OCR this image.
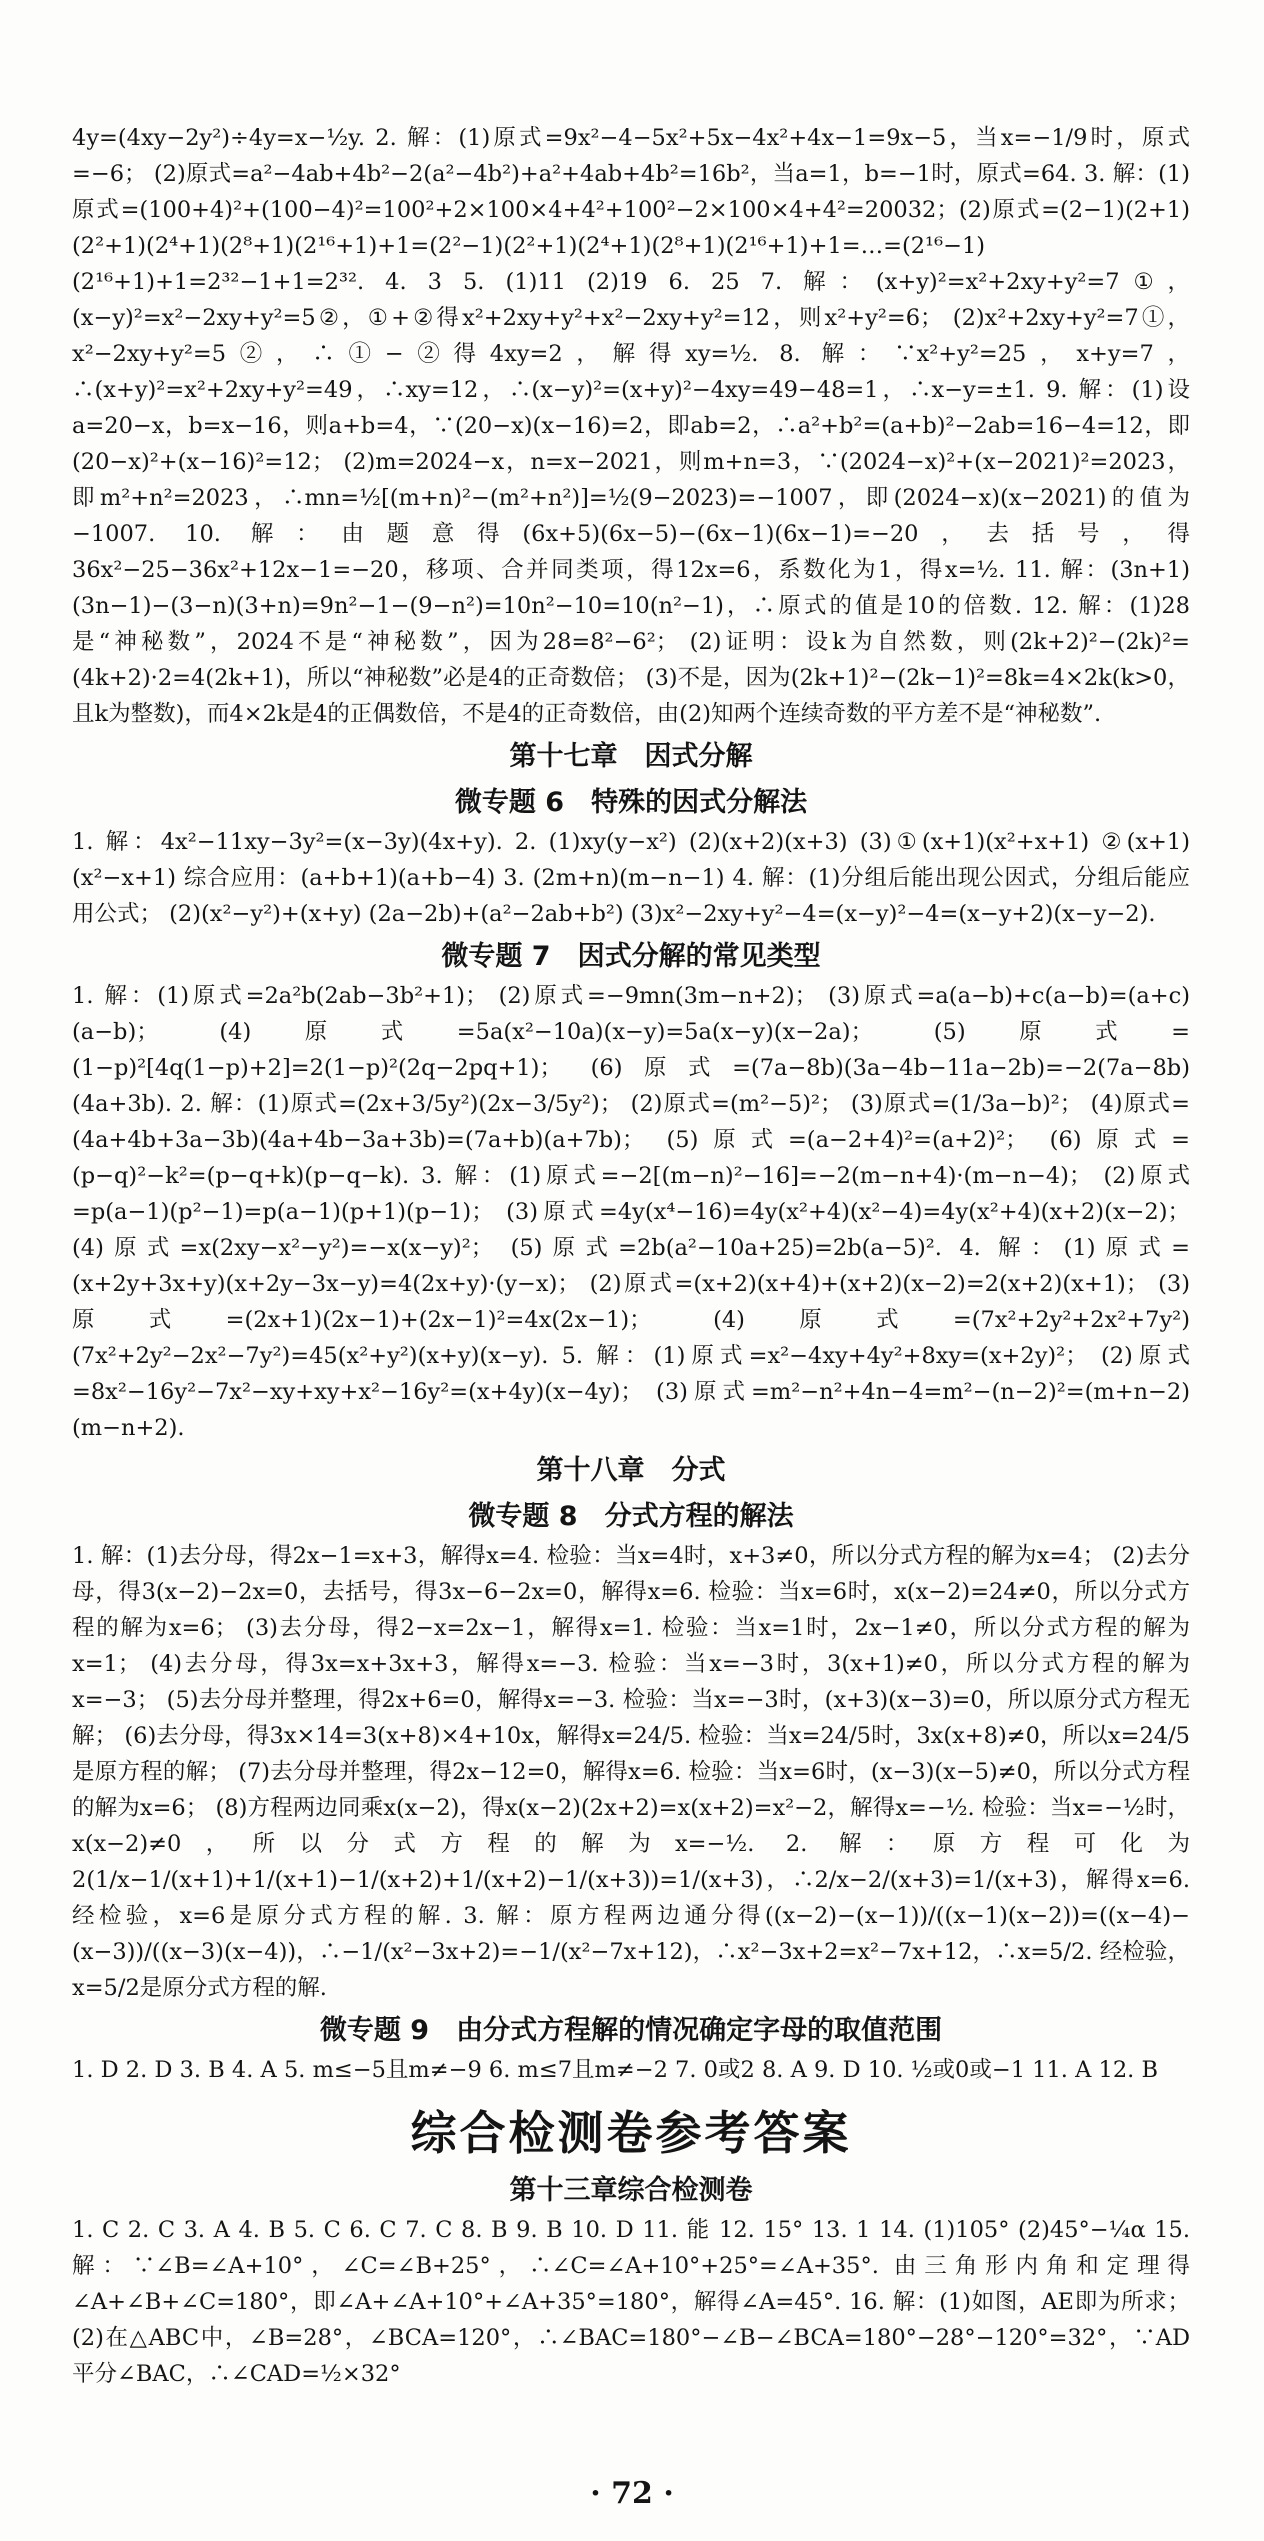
4y=(4xy−2y²)÷4y=x−½y. 2. 解：(1)原式=9x²−4−5x²+5x−4x²+4x−1=9x−5，当x=−1/9时，原式=−6； (2)原式=a²−4ab+4b²−2(a²−4b²)+a²+4ab+4b²=16b²，当a=1，b=−1时，原式=64. 3. 解：(1)原式=(100+4)²+(100−4)²=100²+2×100×4+4²+100²−2×100×4+4²=20032；(2)原式=(2−1)(2+1)(2²+1)(2⁴+1)(2⁸+1)(2¹⁶+1)+1=(2²−1)(2²+1)(2⁴+1)(2⁸+1)(2¹⁶+1)+1=…=(2¹⁶−1)(2¹⁶+1)+1=2³²−1+1=2³². 4. 3 5. (1)11 (2)19 6. 25 7. 解：(x+y)²=x²+2xy+y²=7①，(x−y)²=x²−2xy+y²=5②，①+②得x²+2xy+y²+x²−2xy+y²=12，则x²+y²=6； (2)x²+2xy+y²=7①，x²−2xy+y²=5②，∴①−②得4xy=2，解得xy=½. 8. 解：∵x²+y²=25，x+y=7，∴(x+y)²=x²+2xy+y²=49，∴xy=12，∴(x−y)²=(x+y)²−4xy=49−48=1，∴x−y=±1. 9. 解：(1)设a=20−x，b=x−16，则a+b=4，∵(20−x)(x−16)=2，即ab=2，∴a²+b²=(a+b)²−2ab=16−4=12，即(20−x)²+(x−16)²=12； (2)m=2024−x，n=x−2021，则m+n=3，∵(2024−x)²+(x−2021)²=2023，即m²+n²=2023，∴mn=½[(m+n)²−(m²+n²)]=½(9−2023)=−1007，即(2024−x)(x−2021)的值为−1007. 10. 解：由题意得(6x+5)(6x−5)−(6x−1)(6x−1)=−20，去括号，得36x²−25−36x²+12x−1=−20，移项、合并同类项，得12x=6，系数化为1，得x=½. 11. 解：(3n+1)(3n−1)−(3−n)(3+n)=9n²−1−(9−n²)=10n²−10=10(n²−1)，∴原式的值是10的倍数. 12. 解：(1)28是“神秘数”，2024不是“神秘数”，因为28=8²−6²； (2)证明：设k为自然数，则(2k+2)²−(2k)²=(4k+2)·2=4(2k+1)，所以“神秘数”必是4的正奇数倍； (3)不是，因为(2k+1)²−(2k−1)²=8k=4×2k(k>0，且k为整数)，而4×2k是4的正偶数倍，不是4的正奇数倍，由(2)知两个连续奇数的平方差不是“神秘数”.

第十七章　因式分解
微专题 6　特殊的因式分解法

1. 解：4x²−11xy−3y²=(x−3y)(4x+y). 2. (1)xy(y−x²) (2)(x+2)(x+3) (3)①(x+1)(x²+x+1) ②(x+1)(x²−x+1) 综合应用：(a+b+1)(a+b−4) 3. (2m+n)(m−n−1) 4. 解：(1)分组后能出现公因式，分组后能应用公式； (2)(x²−y²)+(x+y) (2a−2b)+(a²−2ab+b²) (3)x²−2xy+y²−4=(x−y)²−4=(x−y+2)(x−y−2).

微专题 7　因式分解的常见类型

1. 解：(1)原式=2a²b(2ab−3b²+1)； (2)原式=−9mn(3m−n+2)； (3)原式=a(a−b)+c(a−b)=(a+c)(a−b)； (4)原式=5a(x²−10a)(x−y)=5a(x−y)(x−2a)； (5)原式=(1−p)²[4q(1−p)+2]=2(1−p)²(2q−2pq+1)； (6)原式=(7a−8b)(3a−4b−11a−2b)=−2(7a−8b)(4a+3b). 2. 解：(1)原式=(2x+3/5y²)(2x−3/5y²)； (2)原式=(m²−5)²； (3)原式=(1/3a−b)²； (4)原式=(4a+4b+3a−3b)(4a+4b−3a+3b)=(7a+b)(a+7b)； (5)原式=(a−2+4)²=(a+2)²； (6)原式=(p−q)²−k²=(p−q+k)(p−q−k). 3. 解：(1)原式=−2[(m−n)²−16]=−2(m−n+4)·(m−n−4)； (2)原式=p(a−1)(p²−1)=p(a−1)(p+1)(p−1)； (3)原式=4y(x⁴−16)=4y(x²+4)(x²−4)=4y(x²+4)(x+2)(x−2)； (4)原式=x(2xy−x²−y²)=−x(x−y)²； (5)原式=2b(a²−10a+25)=2b(a−5)². 4. 解：(1)原式=(x+2y+3x+y)(x+2y−3x−y)=4(2x+y)·(y−x)； (2)原式=(x+2)(x+4)+(x+2)(x−2)=2(x+2)(x+1)； (3)原式=(2x+1)(2x−1)+(2x−1)²=4x(2x−1)； (4)原式=(7x²+2y²+2x²+7y²)(7x²+2y²−2x²−7y²)=45(x²+y²)(x+y)(x−y). 5. 解：(1)原式=x²−4xy+4y²+8xy=(x+2y)²； (2)原式=8x²−16y²−7x²−xy+xy+x²−16y²=(x+4y)(x−4y)； (3)原式=m²−n²+4n−4=m²−(n−2)²=(m+n−2)(m−n+2).

第十八章　分式
微专题 8　分式方程的解法

1. 解：(1)去分母，得2x−1=x+3，解得x=4. 检验：当x=4时，x+3≠0，所以分式方程的解为x=4； (2)去分母，得3(x−2)−2x=0，去括号，得3x−6−2x=0，解得x=6. 检验：当x=6时，x(x−2)=24≠0，所以分式方程的解为x=6； (3)去分母，得2−x=2x−1，解得x=1. 检验：当x=1时，2x−1≠0，所以分式方程的解为x=1； (4)去分母，得3x=x+3x+3，解得x=−3. 检验：当x=−3时，3(x+1)≠0，所以分式方程的解为x=−3； (5)去分母并整理，得2x+6=0，解得x=−3. 检验：当x=−3时，(x+3)(x−3)=0，所以原分式方程无解； (6)去分母，得3x×14=3(x+8)×4+10x，解得x=24/5. 检验：当x=24/5时，3x(x+8)≠0，所以x=24/5是原方程的解； (7)去分母并整理，得2x−12=0，解得x=6. 检验：当x=6时，(x−3)(x−5)≠0，所以分式方程的解为x=6； (8)方程两边同乘x(x−2)，得x(x−2)(2x+2)=x(x+2)=x²−2，解得x=−½. 检验：当x=−½时，x(x−2)≠0，所以分式方程的解为x=−½. 2. 解：原方程可化为2(1/x−1/(x+1)+1/(x+1)−1/(x+2)+1/(x+2)−1/(x+3))=1/(x+3)，∴2/x−2/(x+3)=1/(x+3)，解得x=6. 经检验，x=6是原分式方程的解. 3. 解：原方程两边通分得((x−2)−(x−1))/((x−1)(x−2))=((x−4)−(x−3))/((x−3)(x−4))，∴−1/(x²−3x+2)=−1/(x²−7x+12)，∴x²−3x+2=x²−7x+12，∴x=5/2. 经检验，x=5/2是原分式方程的解.

微专题 9　由分式方程解的情况确定字母的取值范围

1. D 2. D 3. B 4. A 5. m≤−5且m≠−9 6. m≤7且m≠−2 7. 0或2 8. A 9. D 10. ½或0或−1 11. A 12. B

综合检测卷参考答案
第十三章综合检测卷

1. C 2. C 3. A 4. B 5. C 6. C 7. C 8. B 9. B 10. D 11. 能 12. 15° 13. 1 14. (1)105° (2)45°−¼α 15. 解：∵∠B=∠A+10°，∠C=∠B+25°，∴∠C=∠A+10°+25°=∠A+35°. 由三角形内角和定理得∠A+∠B+∠C=180°，即∠A+∠A+10°+∠A+35°=180°，解得∠A=45°. 16. 解：(1)如图，AE即为所求； (2)在△ABC中，∠B=28°，∠BCA=120°，∴∠BAC=180°−∠B−∠BCA=180°−28°−120°=32°，∵AD平分∠BAC，∴∠CAD=½×32°

· 72 ·
